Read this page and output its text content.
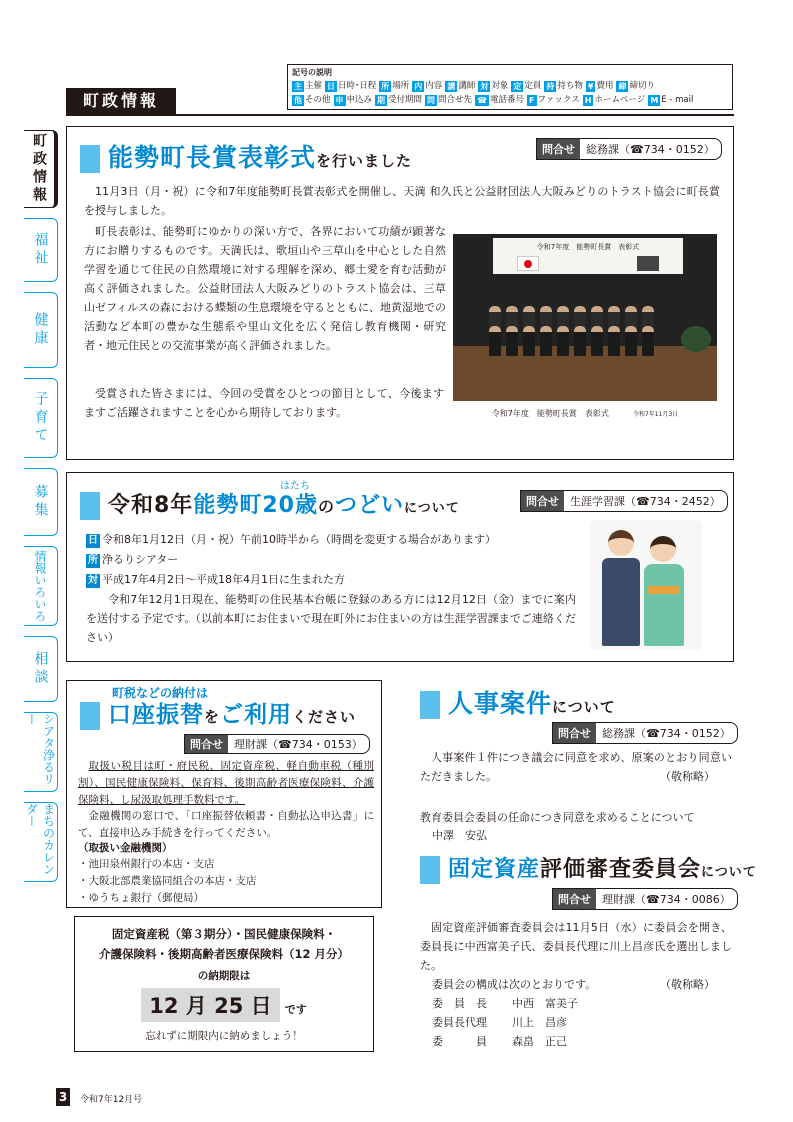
町政情報
記号の説明
主 主催 日 日時･日程 所 場所 内 内容 講 講師 対 対象 定 定員 持 持ち物 ¥ 費用 締 締切り
他 その他 申 申込み 期 受付期間 問 問合せ先 ☎ 電話番号 F ファックス H ホームページ M E - mail
町政情報
福祉
健康
子育て
募集
情報いろいろ
相談
シアタ浄るリー
まちのカレンダー
能勢町長賞表彰式を行いました
問合せ	総務課（☎734・0152）
11月3日（月・祝）に令和7年度能勢町長賞表彰式を開催し、天満 和久氏と公益財団法人大阪みどりのトラスト協会に町長賞を授与しました。
町長表彰は、能勢町にゆかりの深い方で、各界において功績が顕著な方にお贈りするものです。天満氏は、歌垣山や三草山を中心とした自然学習を通じて住民の自然環境に対する理解を深め、郷土愛を育む活動が高く評価されました。公益財団法人大阪みどりのトラスト協会は、三草山ゼフィルスの森における蝶類の生息環境を守るとともに、地黄湿地での活動など本町の豊かな生態系や里山文化を広く発信し教育機関・研究者・地元住民との交流事業が高く評価されました。
受賞された皆さまには、今回の受賞をひとつの節目として、今後ますますご活躍されますことを心から期待しております。
令和7年度　能勢町長賞　表彰式
令和7年度　能勢町長賞　表彰式　　　	令和7年11月3日
はたち
令和8年能勢町20歳のつどいについて	問合せ	生涯学習課（☎734・2452）
日 令和8年1月12日（月・祝）午前10時半から（時間を変更する場合があります）
所 浄るりシアター
対 平成17年4月2日～平成18年4月1日に生まれた方
令和7年12月1日現在、能勢町の住民基本台帳に登録のある方には12月12日（金）までに案内を送付する予定です。（以前本町にお住まいで現在町外にお住まいの方は生涯学習課までご連絡ください）
町税などの納付は
口座振替をご利用ください
問合せ	理財課（☎734・0153）
取扱い税目は町・府民税、固定資産税、軽自動車税（種別割）、国民健康保険料、保育料、後期高齢者医療保険料、介護保険料、し尿汲取処理手数料です。
金融機関の窓口で、「口座振替依頼書・自動払込申込書」にて、直接申込み手続きを行ってください。
（取扱い金融機関）
・池田泉州銀行の本店・支店
・大阪北部農業協同組合の本店・支店
・ゆうちょ銀行（郵便局）
固定資産税（第３期分）・国民健康保険料・
介護保険料・後期高齢者医療保険料（12 月分）
の納期限は
12 月 25 日 です
忘れずに期限内に納めましょう！
人事案件について
問合せ	総務課（☎734・0152）
人事案件１件につき議会に同意を求め、原案のとおり同意いただきました。	（敬称略）
教育委員会委員の任命につき同意を求めることについて
中澤　安弘
固定資産評価審査委員会について
問合せ	理財課（☎734・0086）
固定資産評価審査委員会は11月5日（水）に委員会を開き、委員長に中西富美子氏、委員長代理に川上昌彦氏を選出しました。
委員会の構成は次のとおりです。	（敬称略）
委　員　長 中西　富美子
委員長代理 川上　昌彦
委　　　員 森畠　正己
3	令和7年12月号
